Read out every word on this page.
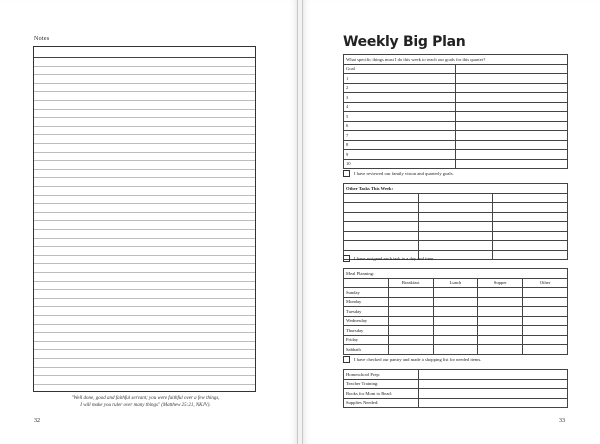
Notes
"Well done, good and faithful servant; you were faithful over a few things,
I will make you ruler over many things" (Matthew 25:21, NKJV).
32
Weekly Big Plan
What specific things must I do this week to reach our goals for this quarter?	
Goal	
1	
2	
3	
4	
5	
6	
7	
8	
9	
10	
I have reviewed our family vision and quarterly goals.
Other Tasks This Week:		

I have assigned each task to a day and time.
Meal Planning:				
	Breakfast	Lunch	Supper	Other
Sunday				
Monday				
Tuesday				
Wednesday				
Thursday				
Friday				
Sabbath				
I have checked our pantry and made a shopping list for needed items.
Homeschool Prep:	
Teacher Training:	
Books for Mom to Read:	
Supplies Needed:	
33
